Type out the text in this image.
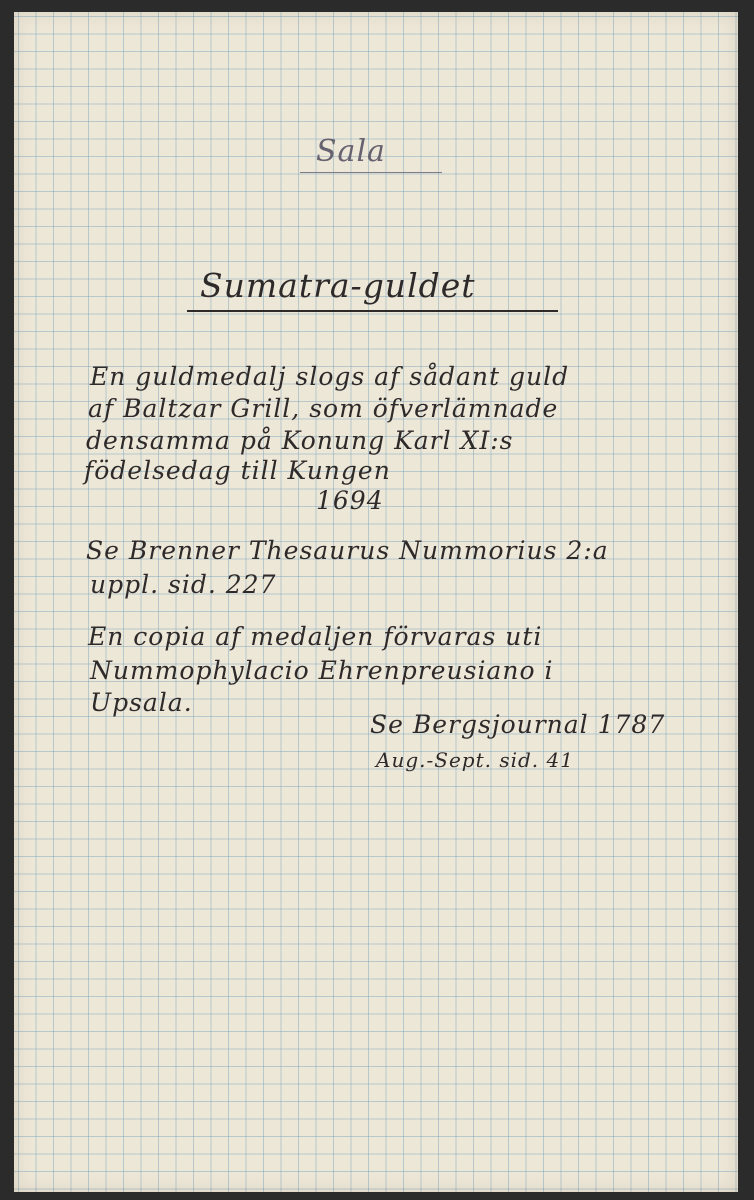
Sala
Sumatra-guldet
En guldmedalj slogs af sådant guld
af Baltzar Grill, som öfverlämnade
densamma på Konung Karl XI:s
födelsedag till Kungen
1694
Se Brenner Thesaurus Nummorius 2:a
uppl. sid. 227
En copia af medaljen förvaras uti
Nummophylacio Ehrenpreusiano i
Upsala.
Se Bergsjournal 1787
Aug.-Sept. sid. 41
